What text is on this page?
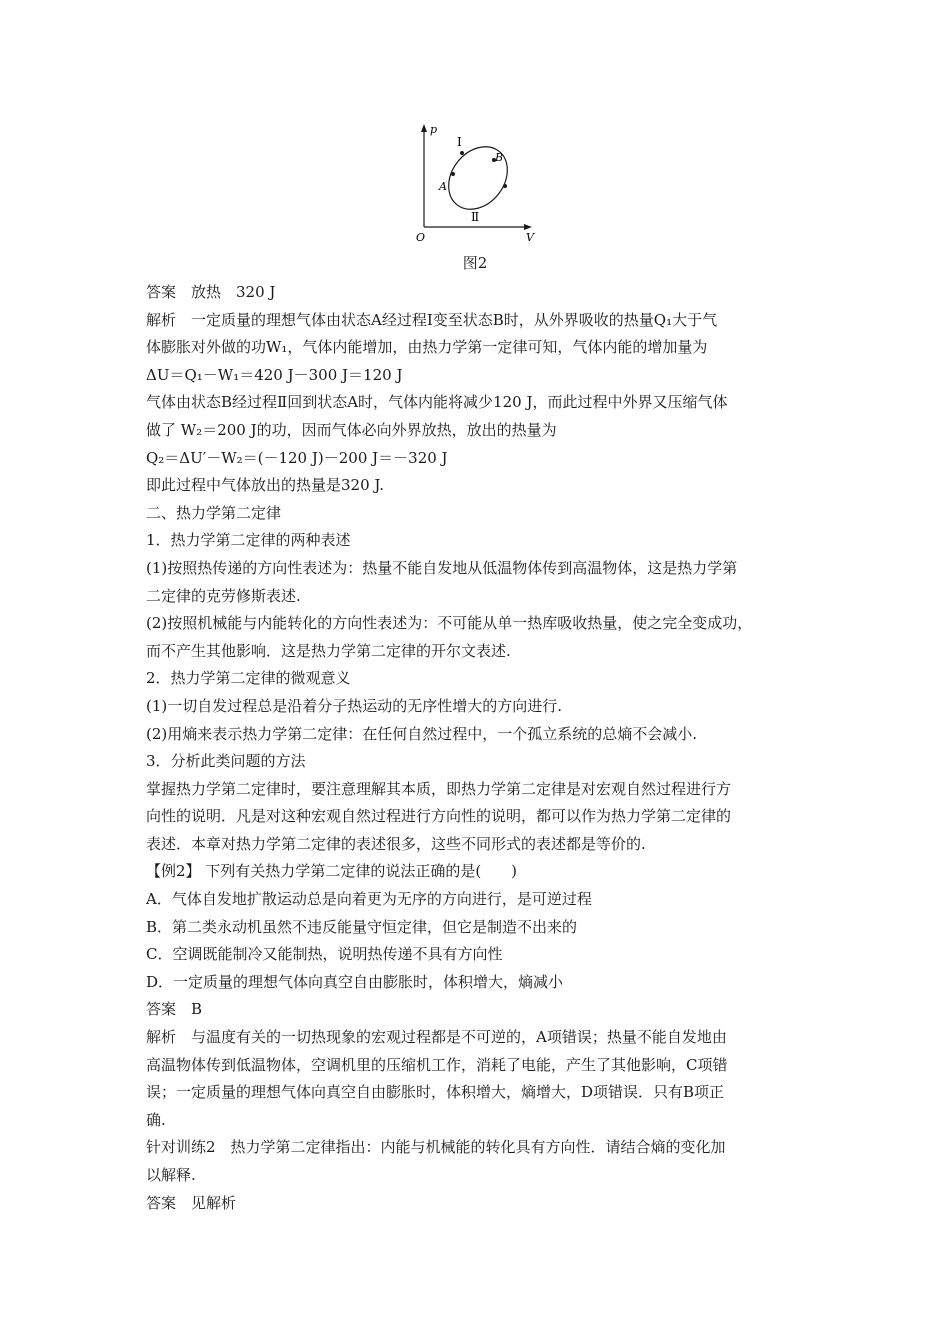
p
V
O
A
B
Ⅰ
Ⅱ
图2
答案　放热　320 J
解析　一定质量的理想气体由状态A经过程Ⅰ变至状态B时，从外界吸收的热量Q₁大于气
体膨胀对外做的功W₁，气体内能增加，由热力学第一定律可知，气体内能的增加量为
ΔU＝Q₁－W₁＝420 J－300 J＝120 J
气体由状态B经过程Ⅱ回到状态A时，气体内能将减少120 J，而此过程中外界又压缩气体
做了 W₂＝200 J的功，因而气体必向外界放热，放出的热量为
Q₂＝ΔU′－W₂＝(－120 J)－200 J＝－320 J
即此过程中气体放出的热量是320 J.
二、热力学第二定律
1．热力学第二定律的两种表述
(1)按照热传递的方向性表述为：热量不能自发地从低温物体传到高温物体，这是热力学第
二定律的克劳修斯表述.
(2)按照机械能与内能转化的方向性表述为：不可能从单一热库吸收热量，使之完全变成功，
而不产生其他影响．这是热力学第二定律的开尔文表述.
2．热力学第二定律的微观意义
(1)一切自发过程总是沿着分子热运动的无序性增大的方向进行.
(2)用熵来表示热力学第二定律：在任何自然过程中，一个孤立系统的总熵不会减小.
3．分析此类问题的方法
掌握热力学第二定律时，要注意理解其本质，即热力学第二定律是对宏观自然过程进行方
向性的说明．凡是对这种宏观自然过程进行方向性的说明，都可以作为热力学第二定律的
表述．本章对热力学第二定律的表述很多，这些不同形式的表述都是等价的.
【例2】 下列有关热力学第二定律的说法正确的是(　　)
A．气体自发地扩散运动总是向着更为无序的方向进行，是可逆过程
B．第二类永动机虽然不违反能量守恒定律，但它是制造不出来的
C．空调既能制冷又能制热，说明热传递不具有方向性
D．一定质量的理想气体向真空自由膨胀时，体积增大，熵减小
答案　B
解析　与温度有关的一切热现象的宏观过程都是不可逆的，A项错误；热量不能自发地由
高温物体传到低温物体，空调机里的压缩机工作，消耗了电能，产生了其他影响，C项错
误；一定质量的理想气体向真空自由膨胀时，体积增大，熵增大，D项错误．只有B项正
确.
针对训练2　热力学第二定律指出：内能与机械能的转化具有方向性．请结合熵的变化加
以解释.
答案　见解析
